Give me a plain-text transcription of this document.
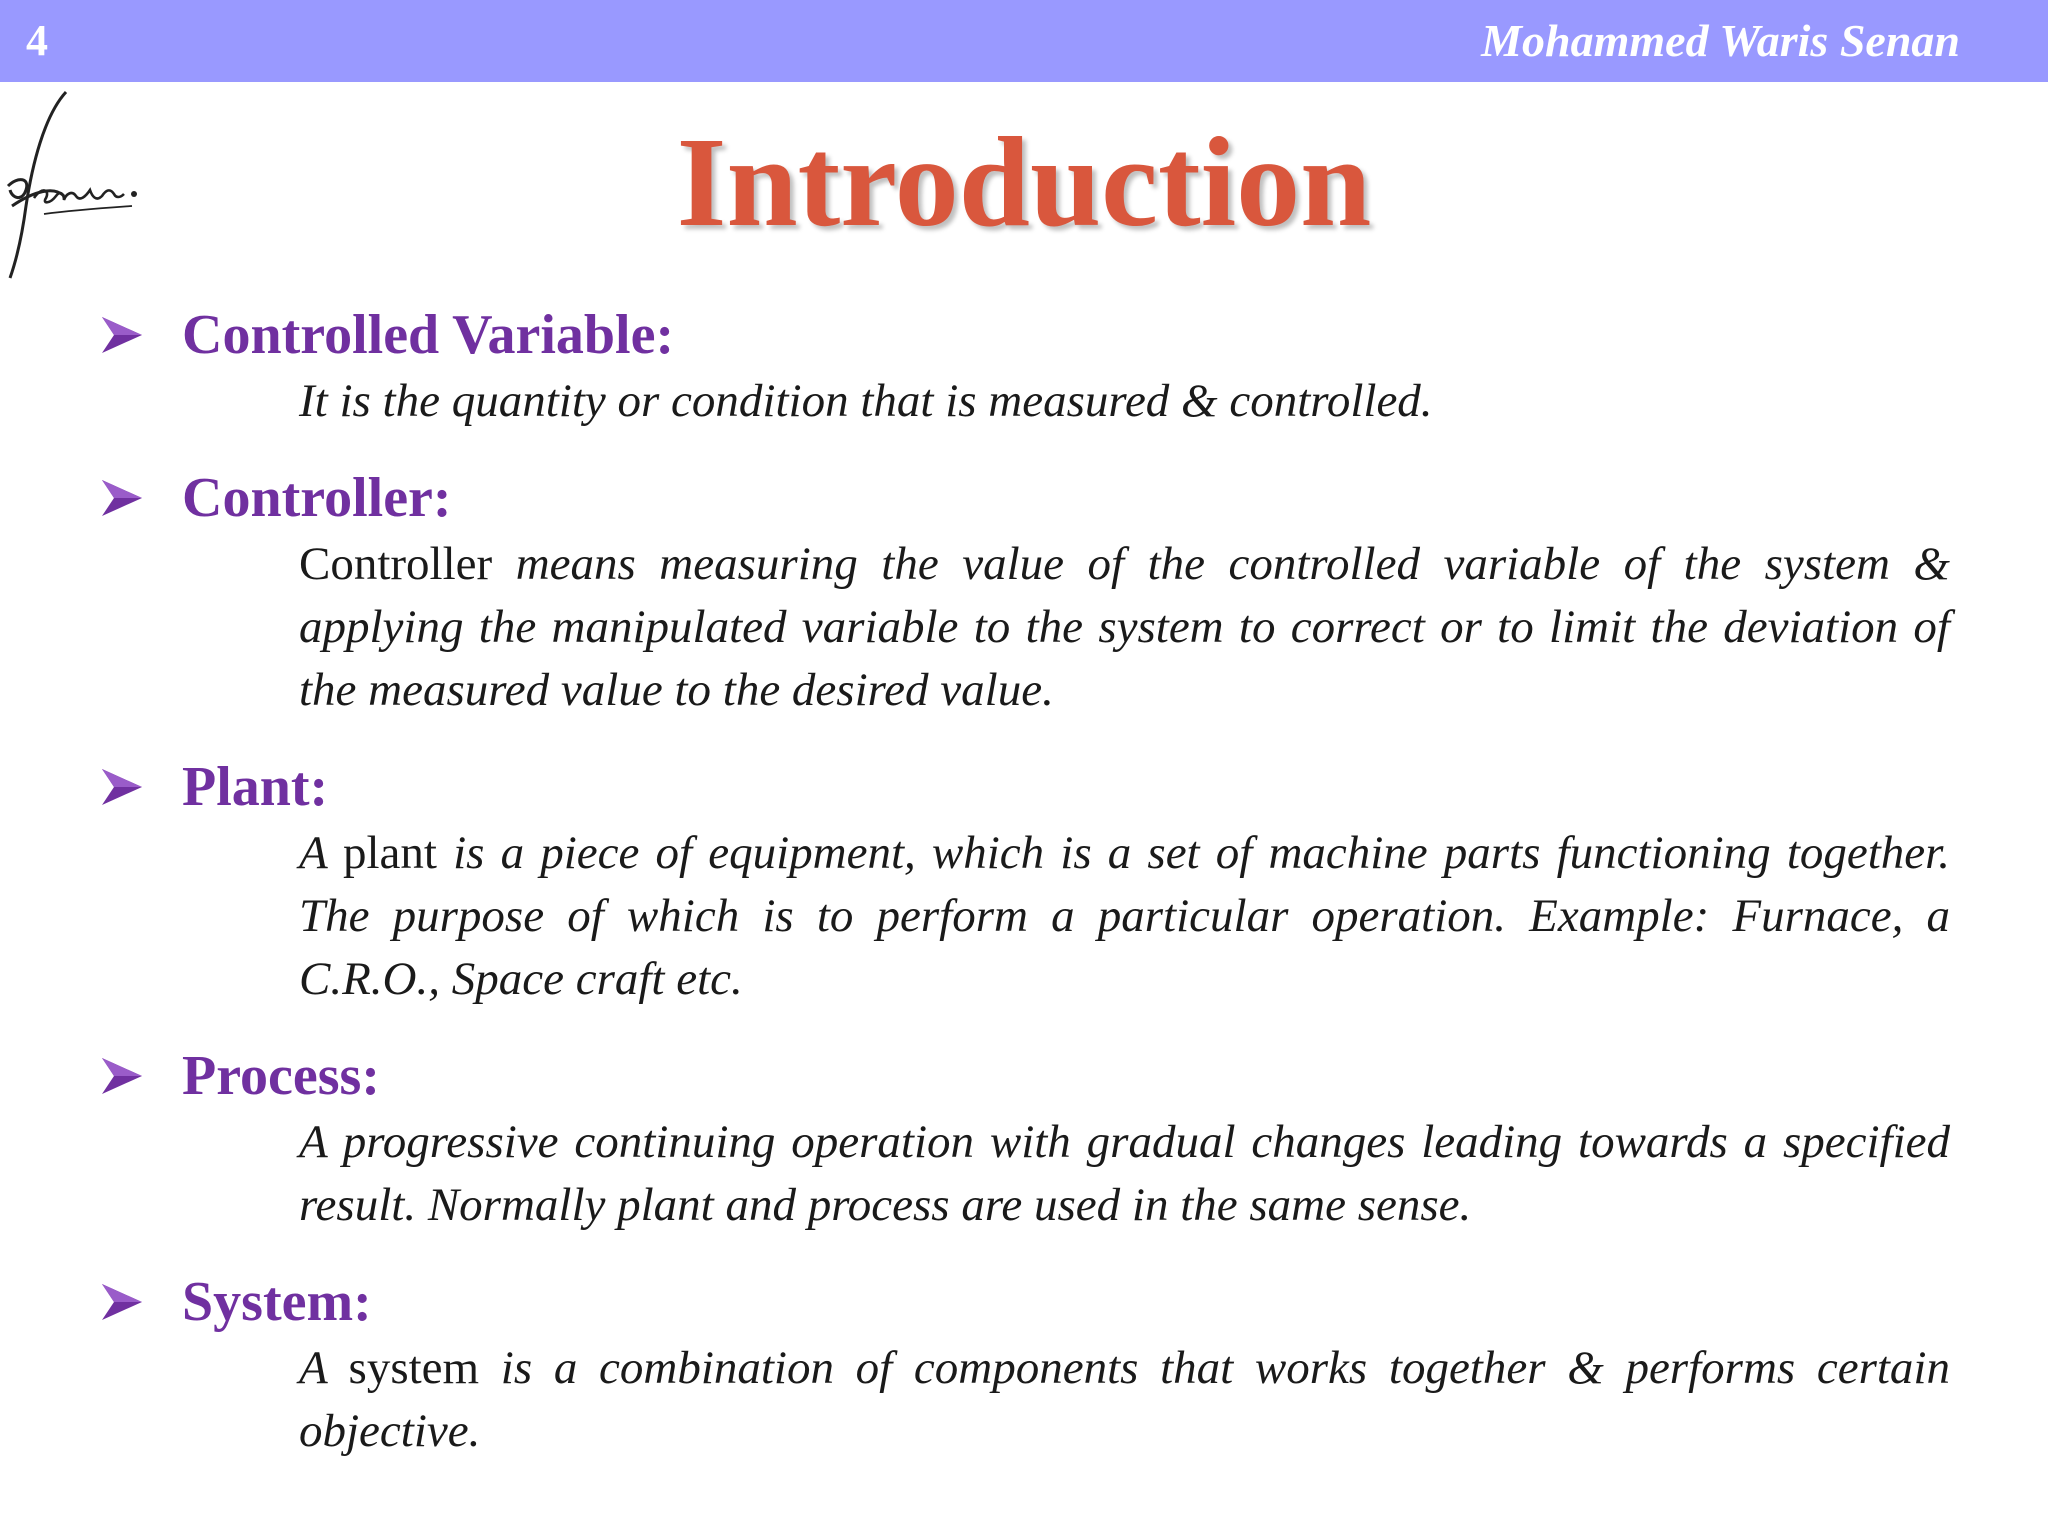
4	Mohammed Waris Senan
Introduction
Controlled Variable:
It is the quantity or condition that is measured & controlled.
Controller:
Controller means measuring the value of the controlled variable of the system & applying the manipulated variable to the system to correct or to limit the deviation of the measured value to the desired value.
Plant:
A plant is a piece of equipment, which is a set of machine parts functioning together. The purpose of which is to perform a particular operation. Example: Furnace, a C.R.O., Space craft etc.
Process:
A progressive continuing operation with gradual changes leading towards a specified result. Normally plant and process are used in the same sense.
System:
A system is a combination of components that works together & performs certain objective.
